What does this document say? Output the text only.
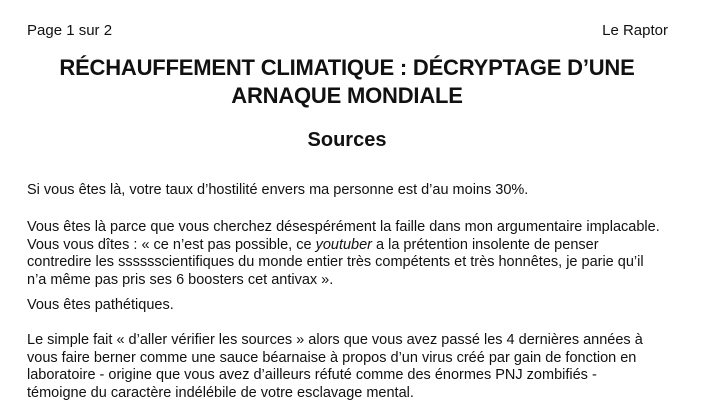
Page 1 sur 2	Le Raptor
RÉCHAUFFEMENT CLIMATIQUE : DÉCRYPTAGE D’UNE
ARNAQUE MONDIALE
Sources

Si vous êtes là, votre taux d’hostilité envers ma personne est d’au moins 30%.

Vous êtes là parce que vous cherchez désespérément la faille dans mon argumentaire implacable.
Vous vous dîtes : « ce n’est pas possible, ce youtuber a la prétention insolente de penser
contredire les sssssscientifiques du monde entier très compétents et très honnêtes, je parie qu’il
n’a même pas pris ses 6 boosters cet antivax ».

Vous êtes pathétiques.

Le simple fait « d’aller vérifier les sources » alors que vous avez passé les 4 dernières années à
vous faire berner comme une sauce béarnaise à propos d’un virus créé par gain de fonction en
laboratoire - origine que vous avez d’ailleurs réfuté comme des énormes PNJ zombifiés -
témoigne du caractère indélébile de votre esclavage mental.
